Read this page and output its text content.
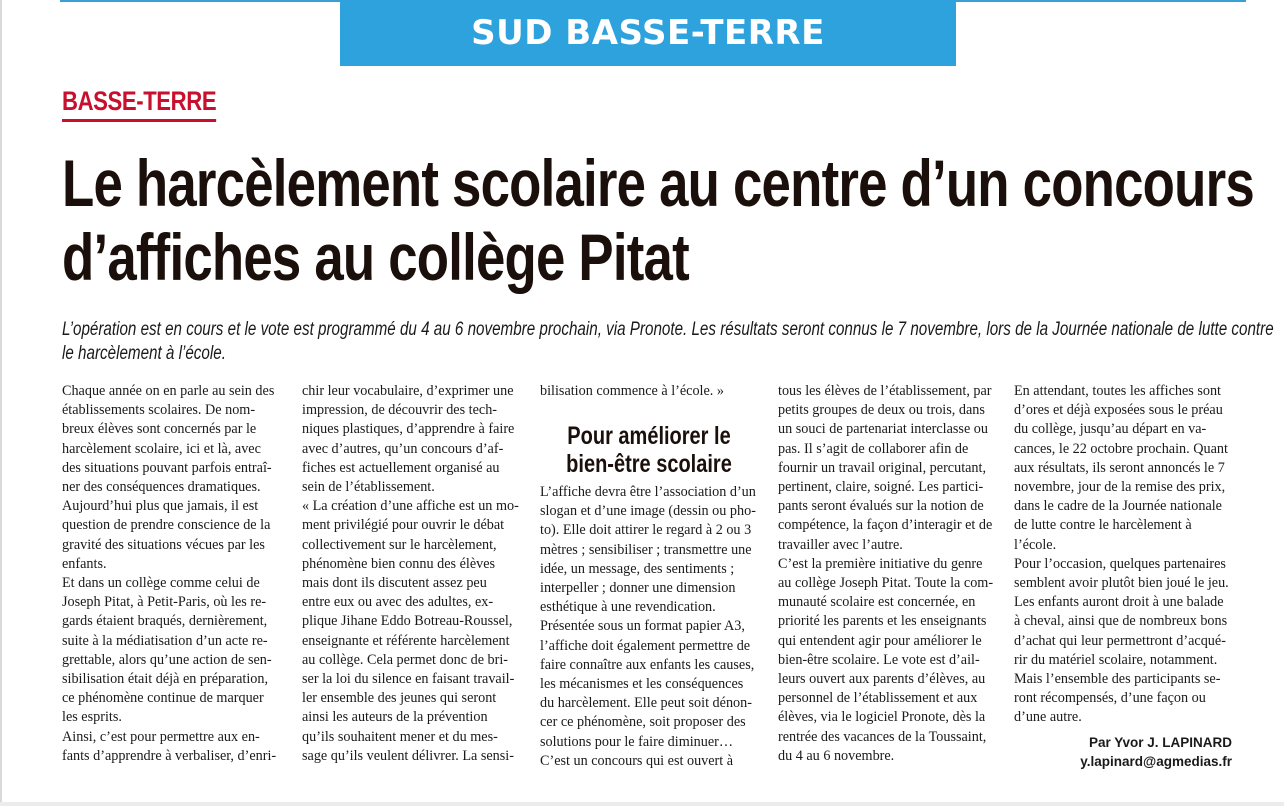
SUD BASSE-TERRE
BASSE-TERRE
Le harcèlement scolaire au centre d’un concours
d’affiches au collège Pitat
L’opération est en cours et le vote est programmé du 4 au 6 novembre prochain, via Pronote. Les résultats seront connus le 7 novembre, lors de la Journée nationale de lutte contre
le harcèlement à l’école.
Chaque année on en parle au sein des
établissements scolaires. De nom-
breux élèves sont concernés par le
harcèlement scolaire, ici et là, avec
des situations pouvant parfois entraî-
ner des conséquences dramatiques.
Aujourd’hui plus que jamais, il est
question de prendre conscience de la
gravité des situations vécues par les
enfants.
Et dans un collège comme celui de
Joseph Pitat, à Petit-Paris, où les re-
gards étaient braqués, dernièrement,
suite à la médiatisation d’un acte re-
grettable, alors qu’une action de sen-
sibilisation était déjà en préparation,
ce phénomène continue de marquer
les esprits.
Ainsi, c’est pour permettre aux en-
fants d’apprendre à verbaliser, d’enri-
chir leur vocabulaire, d’exprimer une
impression, de découvrir des tech-
niques plastiques, d’apprendre à faire
avec d’autres, qu’un concours d’af-
fiches est actuellement organisé au
sein de l’établissement.
« La création d’une affiche est un mo-
ment privilégié pour ouvrir le débat
collectivement sur le harcèlement,
phénomène bien connu des élèves
mais dont ils discutent assez peu
entre eux ou avec des adultes, ex-
plique Jihane Eddo Botreau-Roussel,
enseignante et référente harcèlement
au collège. Cela permet donc de bri-
ser la loi du silence en faisant travail-
ler ensemble des jeunes qui seront
ainsi les auteurs de la prévention
qu’ils souhaitent mener et du mes-
sage qu’ils veulent délivrer. La sensi-
bilisation commence à l’école. »
Pour améliorer le
bien-être scolaire
L’affiche devra être l’association d’un
slogan et d’une image (dessin ou pho-
to). Elle doit attirer le regard à 2 ou 3
mètres ; sensibiliser ; transmettre une
idée, un message, des sentiments ;
interpeller ; donner une dimension
esthétique à une revendication.
Présentée sous un format papier A3,
l’affiche doit également permettre de
faire connaître aux enfants les causes,
les mécanismes et les conséquences
du harcèlement. Elle peut soit dénon-
cer ce phénomène, soit proposer des
solutions pour le faire diminuer…
C’est un concours qui est ouvert à
tous les élèves de l’établissement, par
petits groupes de deux ou trois, dans
un souci de partenariat interclasse ou
pas. Il s’agit de collaborer afin de
fournir un travail original, percutant,
pertinent, claire, soigné. Les partici-
pants seront évalués sur la notion de
compétence, la façon d’interagir et de
travailler avec l’autre.
C’est la première initiative du genre
au collège Joseph Pitat. Toute la com-
munauté scolaire est concernée, en
priorité les parents et les enseignants
qui entendent agir pour améliorer le
bien-être scolaire. Le vote est d’ail-
leurs ouvert aux parents d’élèves, au
personnel de l’établissement et aux
élèves, via le logiciel Pronote, dès la
rentrée des vacances de la Toussaint,
du 4 au 6 novembre.
En attendant, toutes les affiches sont
d’ores et déjà exposées sous le préau
du collège, jusqu’au départ en va-
cances, le 22 octobre prochain. Quant
aux résultats, ils seront annoncés le 7
novembre, jour de la remise des prix,
dans le cadre de la Journée nationale
de lutte contre le harcèlement à
l’école.
Pour l’occasion, quelques partenaires
semblent avoir plutôt bien joué le jeu.
Les enfants auront droit à une balade
à cheval, ainsi que de nombreux bons
d’achat qui leur permettront d’acqué-
rir du matériel scolaire, notamment.
Mais l’ensemble des participants se-
ront récompensés, d’une façon ou
d’une autre.
Par Yvor J. LAPINARD
y.lapinard@agmedias.fr
